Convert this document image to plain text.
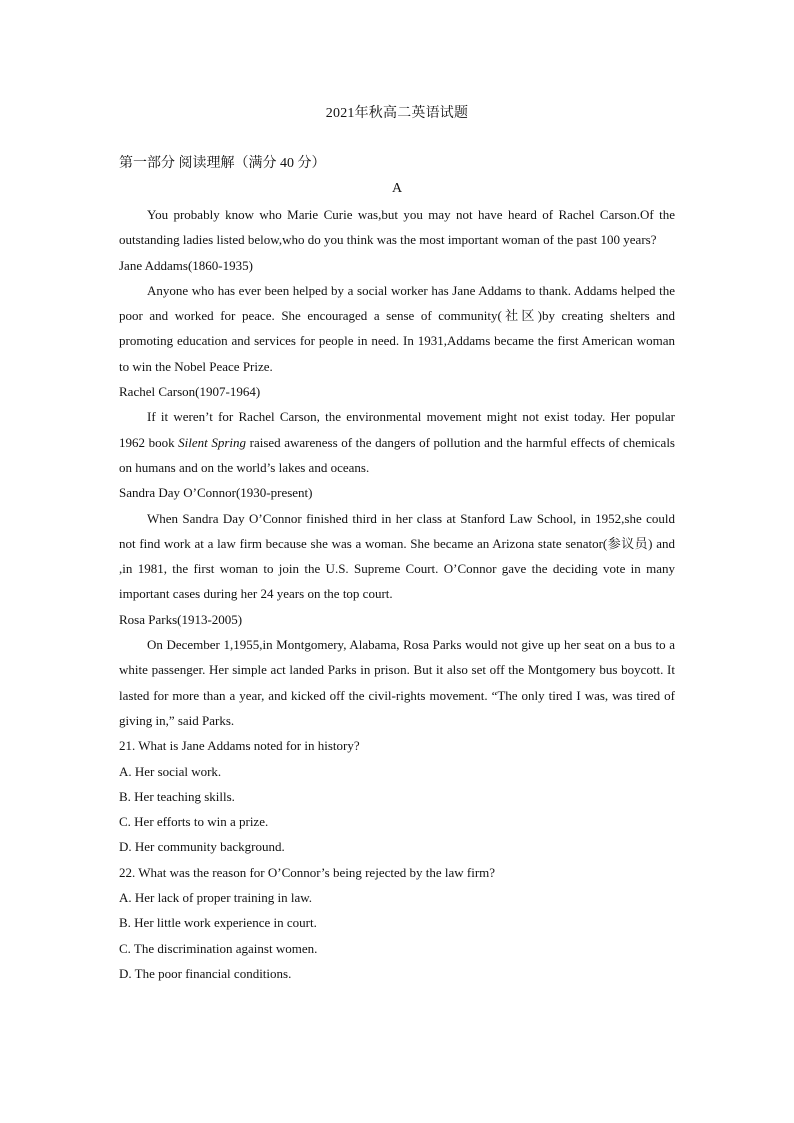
2021年秋高二英语试题
第一部分 阅读理解（满分 40 分）
A

You probably know who Marie Curie was,but you may not have heard of Rachel Carson.Of the outstanding ladies listed below,who do you think was the most important woman of the past 100 years?

Jane Addams(1860-1935)

Anyone who has ever been helped by a social worker has Jane Addams to thank. Addams helped the poor and worked for peace. She encouraged a sense of community(社区)by creating shelters and promoting education and services for people in need. In 1931,Addams became the first American woman to win the Nobel Peace Prize.

Rachel Carson(1907-1964)

If it weren’t for Rachel Carson, the environmental movement might not exist today. Her popular 1962 book Silent Spring raised awareness of the dangers of pollution and the harmful effects of chemicals on humans and on the world’s lakes and oceans.

Sandra Day O’Connor(1930-present)

When Sandra Day O’Connor finished third in her class at Stanford Law School, in 1952,she could not find work at a law firm because she was a woman. She became an Arizona state senator(参议员) and ,in 1981, the first woman to join the U.S. Supreme Court. O’Connor gave the deciding vote in many important cases during her 24 years on the top court.

Rosa Parks(1913-2005)

On December 1,1955,in Montgomery, Alabama, Rosa Parks would not give up her seat on a bus to a white passenger. Her simple act landed Parks in prison. But it also set off the Montgomery bus boycott. It lasted for more than a year, and kicked off the civil-rights movement. “The only tired I was, was tired of giving in,” said Parks.

21. What is Jane Addams noted for in history?
A. Her social work.
B. Her teaching skills.
C. Her efforts to win a prize.
D. Her community background.
22. What was the reason for O’Connor’s being rejected by the law firm?
A. Her lack of proper training in law.
B. Her little work experience in court.
C. The discrimination against women.
D. The poor financial conditions.
